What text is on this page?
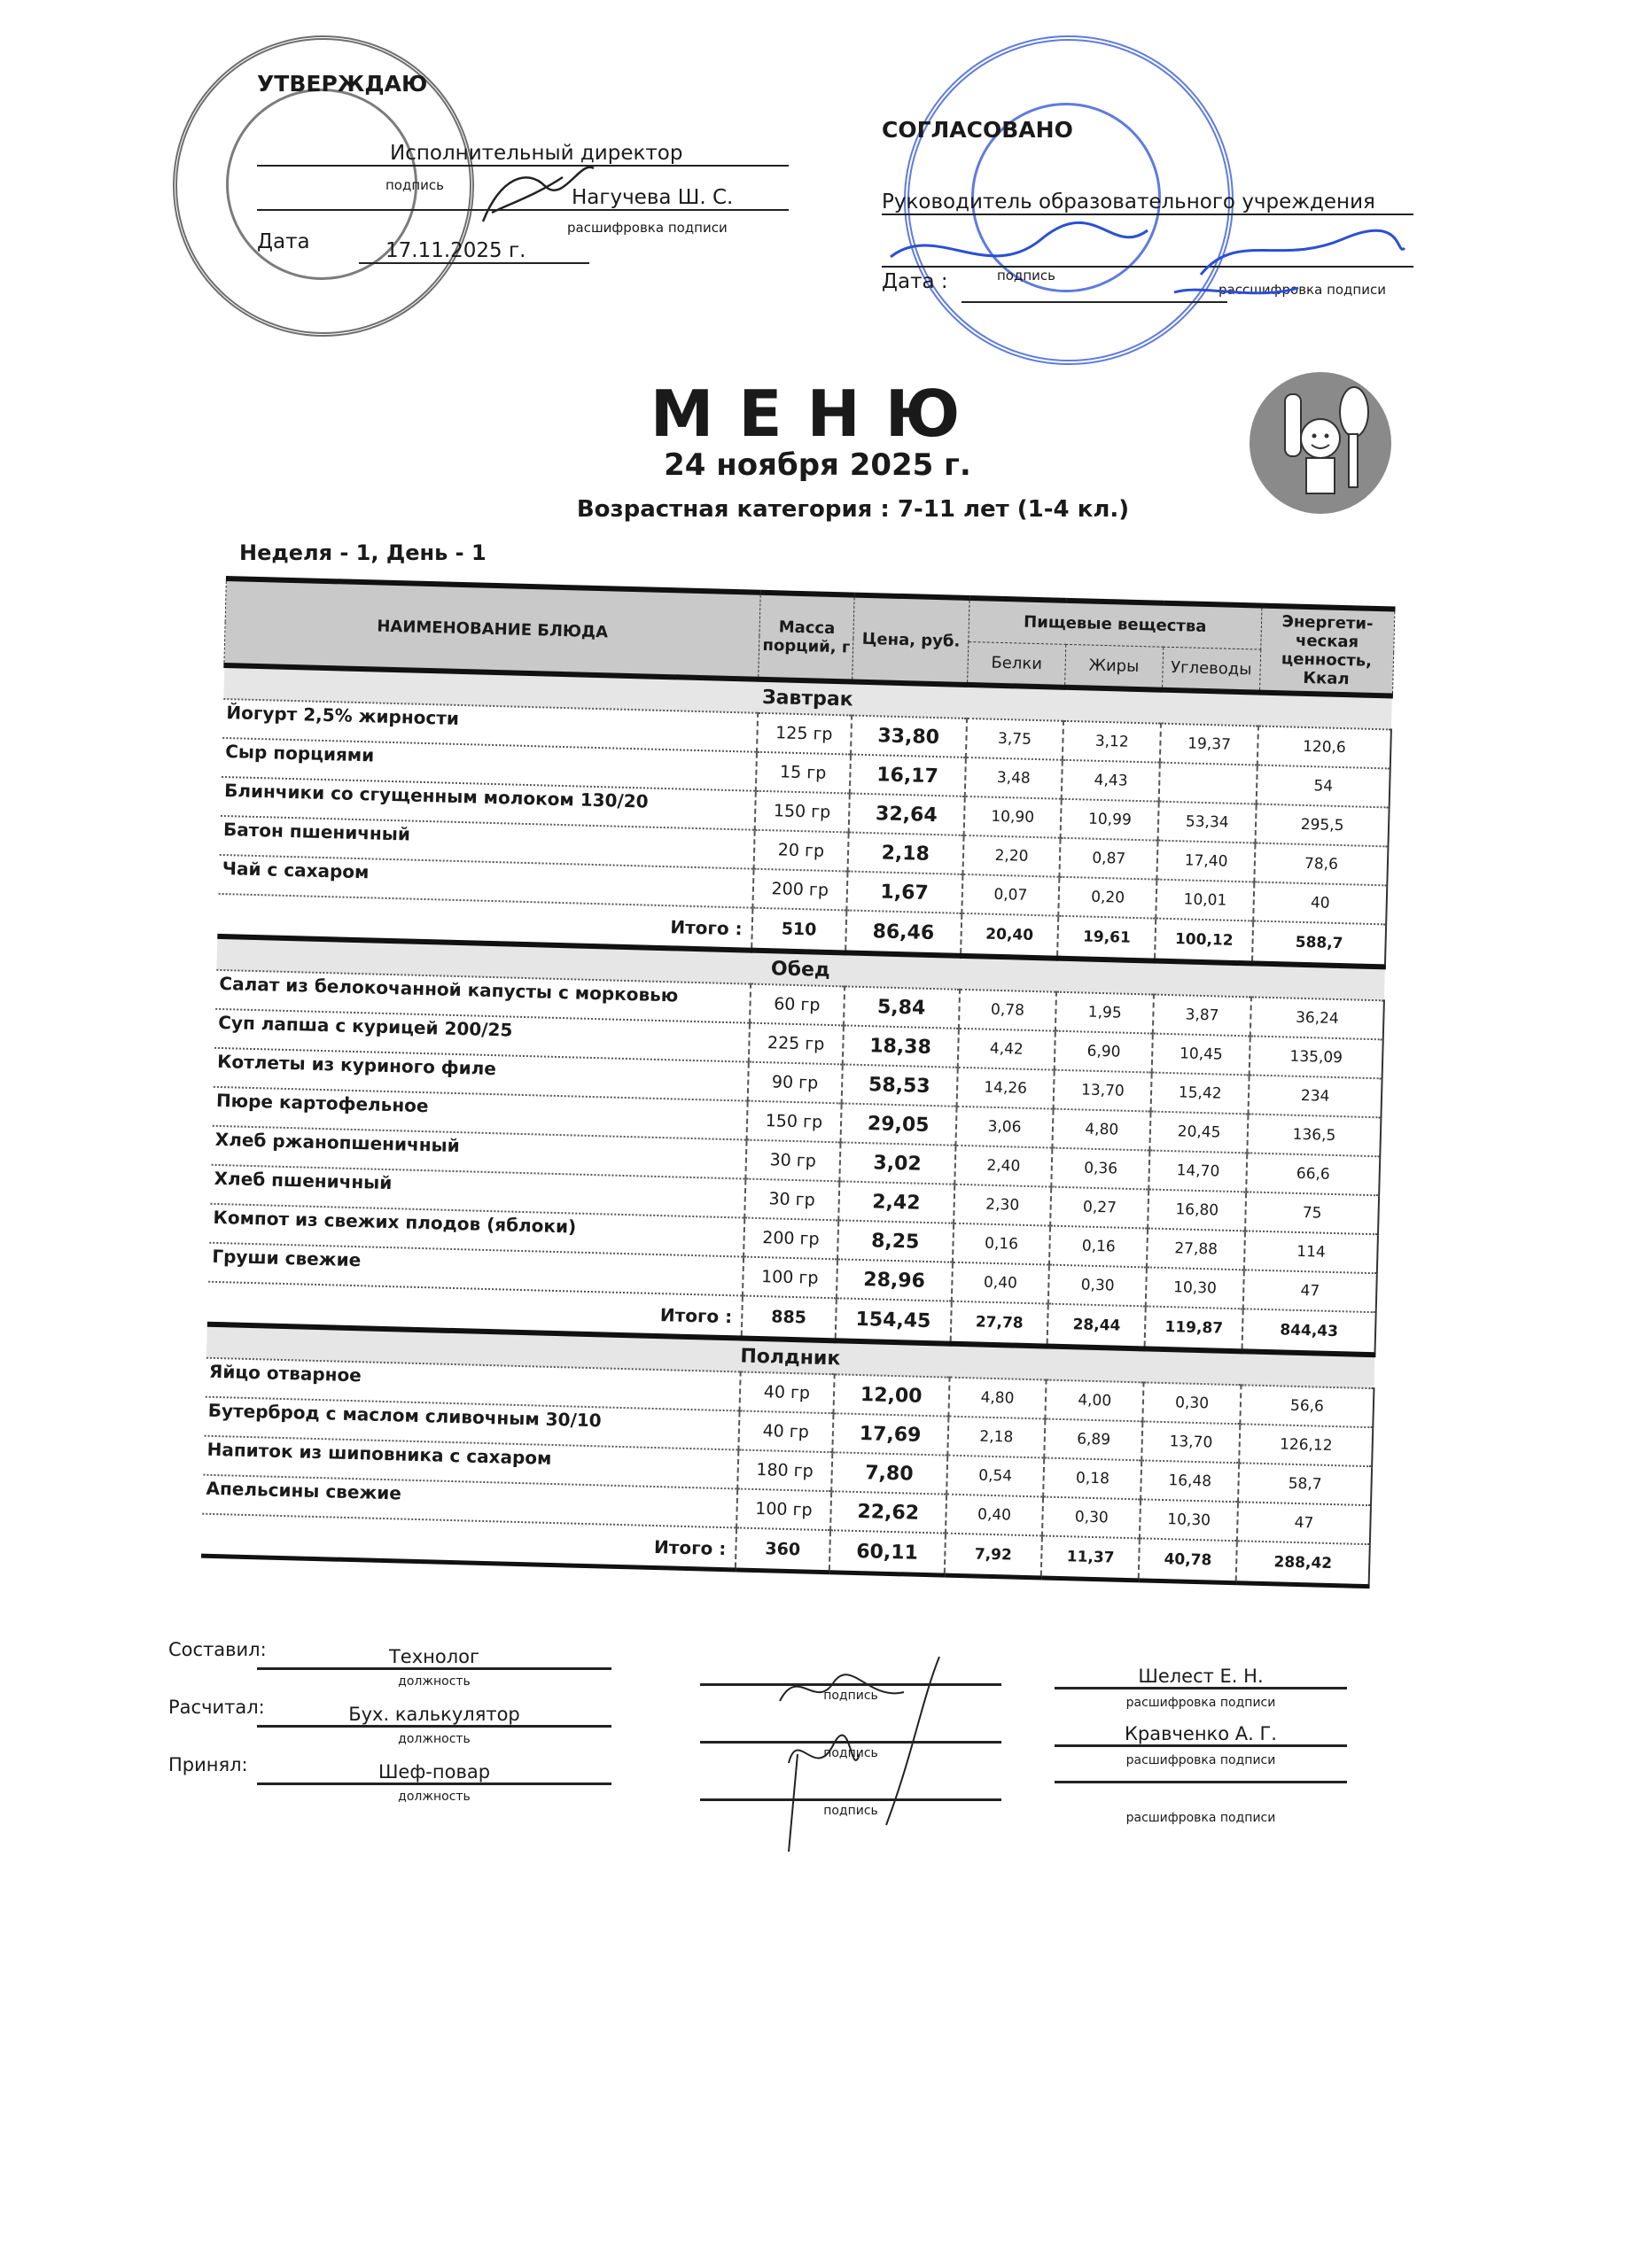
УТВЕРЖДАЮ
Исполнительный директор
подпись
Нагучева Ш. С.
расшифровка подписи
Дата	17.11.2025 г.
СОГЛАСОВАНО
Руководитель образовательного учреждения
подпись
рассшифровка подписи
Дата :
МЕНЮ
24 ноября 2025 г.
Возрастная категория : 7-11 лет (1-4 кл.)
Неделя - 1, День - 1
НАИМЕНОВАНИЕ БЛЮДА	Масса порций, г	Цена, руб.	Пищевые вещества			Энергети-ческая ценность, Ккал
			Белки	Жиры	Углеводы	
Завтрак						
Йогурт 2,5% жирности	125 гр	33,80	3,75	3,12	19,37	120,6
Сыр порциями	15 гр	16,17	3,48	4,43		54
Блинчики со сгущенным молоком 130/20	150 гр	32,64	10,90	10,99	53,34	295,5
Батон пшеничный	20 гр	2,18	2,20	0,87	17,40	78,6
Чай с сахаром	200 гр	1,67	0,07	0,20	10,01	40
Итого :	510	86,46	20,40	19,61	100,12	588,7
Обед						
Салат из белокочанной капусты с морковью	60 гр	5,84	0,78	1,95	3,87	36,24
Суп лапша с курицей 200/25	225 гр	18,38	4,42	6,90	10,45	135,09
Котлеты из куриного филе	90 гр	58,53	14,26	13,70	15,42	234
Пюре картофельное	150 гр	29,05	3,06	4,80	20,45	136,5
Хлеб ржанопшеничный	30 гр	3,02	2,40	0,36	14,70	66,6
Хлеб пшеничный	30 гр	2,42	2,30	0,27	16,80	75
Компот из свежих плодов (яблоки)	200 гр	8,25	0,16	0,16	27,88	114
Груши свежие	100 гр	28,96	0,40	0,30	10,30	47
Итого :	885	154,45	27,78	28,44	119,87	844,43
Полдник						
Яйцо отварное	40 гр	12,00	4,80	4,00	0,30	56,6
Бутерброд с маслом сливочным 30/10	40 гр	17,69	2,18	6,89	13,70	126,12
Напиток из шиповника с сахаром	180 гр	7,80	0,54	0,18	16,48	58,7
Апельсины свежие	100 гр	22,62	0,40	0,30	10,30	47
Итого :	360	60,11	7,92	11,37	40,78	288,42
Составил:	Технолог
должность
подпись
Шелест Е. Н.
расшифровка подписи
Расчитал:	Бух. калькулятор
должность
подпись
Кравченко А. Г.
расшифровка подписи
Принял:	Шеф-повар
должность
подпись	расшифровка подписи
